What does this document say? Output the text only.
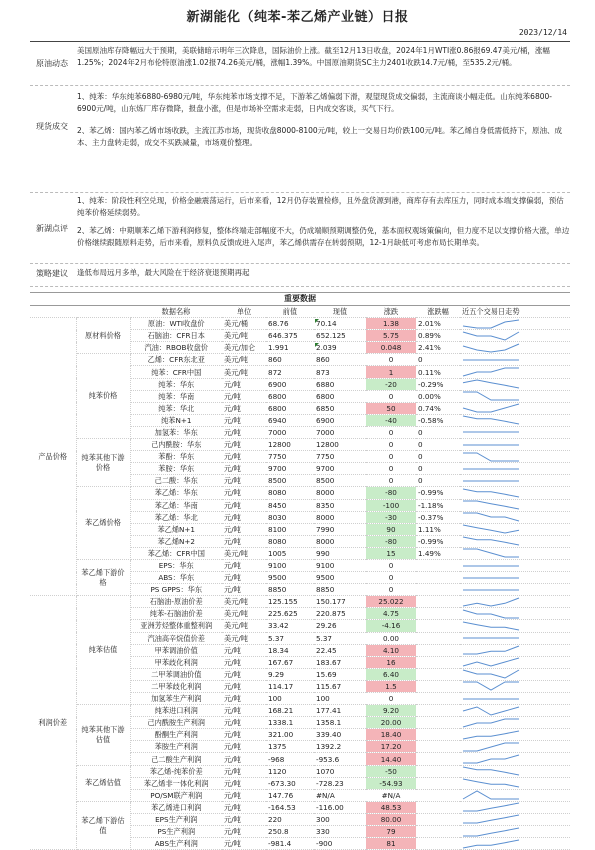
新湖能化（纯苯-苯乙烯产业链）日报
2023/12/14
原油动态

美国原油库存降幅远大于预期，美联储暗示明年三次降息，国际油价上涨。截至12月13日收盘，2024年1月WTI涨0.86报69.47美元/桶，涨幅1.25%；2024年2月布伦特原油涨1.02报74.26美元/桶，涨幅1.39%。中国原油期货SC主力2401收跌14.7元/桶，至535.2元/桶。

现货成交

1、纯苯：华东纯苯6880-6980元/吨，华东纯苯市场支撑不足，下游苯乙烯偏弱下滑，观望现货成交偏弱，主流商谈小幅走低。山东纯苯6800-6900元/吨，山东炼厂库存微降，报盘小涨，但是市场补空需求走弱，日内成交客谈，买气下行。

2、苯乙烯：国内苯乙烯市场收跌，主流江苏市场，现货收盘8000-8100元/吨，较上一交易日均价跌100元/吨。苯乙烯自身低需低持下，原油、成本、主力盘转走弱，成交不买跌减量，市场观价整理。

新湖点评

1、纯苯：阶段性利空兑现，价格金融震荡运行，后市来看，12月仍存装置检修，且外盘货源到港，商库存有去库压力，同时成本端支撑偏弱，预估纯苯价格延续弱势。

2、苯乙烯：中期顺苯乙烯下游利润修复，整体终端走部幅度不大，仍成端顺预期调整仍免，基本面权观场策偏向，但力度不足以支撑价格大涨，单边价格继续跟随原料走势，后市来看，原料负反馈成进入尾声，苯乙烯供需存在转弱预期，12-1月缺低可考虑布局长期单卖。

策略建议	逢低布局远月多单，最大风险在于经济衰退预期再起

重要数据
		数据名称	单位	前值	现值	涨跌	涨跌幅	近五个交易日走势
产品价格	原材料价格	原油：WTI收盘价	美元/桶	68.76	70.14	1.38	2.01%	

		石脑油：CFR日本	美元/吨	646.375	652.125	5.75	0.89%	

		汽油：RBOB收盘价	美元/加仑	1.991	2.039	0.048	2.41%	

	纯苯价格	乙烯：CFR东北亚	美元/吨	860	860	0	0	

		纯苯：CFR中国	美元/吨	872	873	1	0.11%	

		纯苯：华东	元/吨	6900	6880	-20	-0.29%	

		纯苯：华南	元/吨	6800	6800	0	0.00%	

		纯苯：华北	元/吨	6800	6850	50	0.74%	

		纯苯N+1	元/吨	6940	6900	-40	-0.58%	

		加氢苯：华东	元/吨	7000	7000	0	0	

	纯苯其他下游价格	己内酰胺：华东	元/吨	12800	12800	0	0	

		苯酚：华东	元/吨	7750	7750	0	0	

		苯胺：华东	元/吨	9700	9700	0	0	

		己二酸：华东	元/吨	8500	8500	0	0	

	苯乙烯价格	苯乙烯：华东	元/吨	8080	8000	-80	-0.99%	

		苯乙烯：华南	元/吨	8450	8350	-100	-1.18%	

		苯乙烯：华北	元/吨	8030	8000	-30	-0.37%	

		苯乙烯N+1	元/吨	8100	7990	90	1.11%	

		苯乙烯N+2	元/吨	8080	8000	-80	-0.99%	

		苯乙烯：CFR中国	美元/吨	1005	990	15	1.49%	

	苯乙烯下游价格	EPS：华东	元/吨	9100	9100	0		

		ABS：华东	元/吨	9500	9500	0		

		PS GPPS：华东	元/吨	8850	8850	0		

利润价差	纯苯估值	石脑油-原油价差	美元/吨	125.155	150.177	25.022		

		纯苯-石脑油价差	美元/吨	225.625	220.875	4.75		

		亚洲芳烃整体重整利润	美元/吨	33.42	29.26	-4.16		

		汽油高辛烷值价差	美元/吨	5.37	5.37	0.00		

		甲苯调油价值	元/吨	18.34	22.45	4.10		

		甲苯歧化利润	元/吨	167.67	183.67	16		

		二甲苯调油价值	元/吨	9.29	15.69	6.40		

		二甲苯歧化利润	元/吨	114.17	115.67	1.5		

		加氢苯生产利润	元/吨	100	100	0		

	纯苯其他下游估值	纯苯进口利润	元/吨	168.21	177.41	9.20		

		己内酰胺生产利润	元/吨	1338.1	1358.1	20.00		

		酚酮生产利润	元/吨	321.00	339.40	18.40		

		苯胺生产利润	元/吨	1375	1392.2	17.20		

		己二酸生产利润	元/吨	-968	-953.6	14.40		

	苯乙烯估值	苯乙烯-纯苯价差	元/吨	1120	1070	-50		

		苯乙烯非一体化利润	元/吨	-673.30	-728.23	-54.93		

		PO/SM联产利润	元/吨	147.76	#N/A	#N/A		

	苯乙烯下游估值	苯乙烯进口利润	元/吨	-164.53	-116.00	48.53		

		EPS生产利润	元/吨	220	300	80.00		

		PS生产利润	元/吨	250.8	330	79		

		ABS生产利润	元/吨	-981.4	-900	81		
